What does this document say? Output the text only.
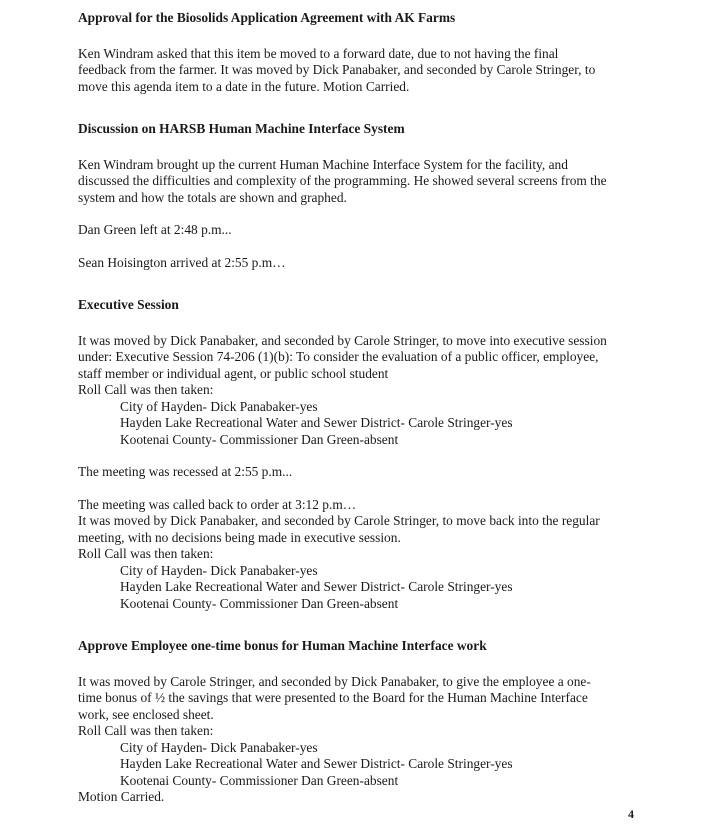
Approval for the Biosolids Application Agreement with AK Farms
Ken Windram asked that this item be moved to a forward date, due to not having the final
feedback from the farmer. It was moved by Dick Panabaker, and seconded by Carole Stringer, to
move this agenda item to a date in the future. Motion Carried.
Discussion on HARSB Human Machine Interface System
Ken Windram brought up the current Human Machine Interface System for the facility, and
discussed the difficulties and complexity of the programming. He showed several screens from the
system and how the totals are shown and graphed.
Dan Green left at 2:48 p.m...
Sean Hoisington arrived at 2:55 p.m…
Executive Session
It was moved by Dick Panabaker, and seconded by Carole Stringer, to move into executive session
under: Executive Session 74-206 (1)(b): To consider the evaluation of a public officer, employee,
staff member or individual agent, or public school student
Roll Call was then taken:
City of Hayden- Dick Panabaker-yes
Hayden Lake Recreational Water and Sewer District- Carole Stringer-yes
Kootenai County- Commissioner Dan Green-absent
The meeting was recessed at 2:55 p.m...
The meeting was called back to order at 3:12 p.m…
It was moved by Dick Panabaker, and seconded by Carole Stringer, to move back into the regular
meeting, with no decisions being made in executive session.
Roll Call was then taken:
City of Hayden- Dick Panabaker-yes
Hayden Lake Recreational Water and Sewer District- Carole Stringer-yes
Kootenai County- Commissioner Dan Green-absent
Approve Employee one-time bonus for Human Machine Interface work
It was moved by Carole Stringer, and seconded by Dick Panabaker, to give the employee a one-
time bonus of ½ the savings that were presented to the Board for the Human Machine Interface
work, see enclosed sheet.
Roll Call was then taken:
City of Hayden- Dick Panabaker-yes
Hayden Lake Recreational Water and Sewer District- Carole Stringer-yes
Kootenai County- Commissioner Dan Green-absent
Motion Carried.
4
